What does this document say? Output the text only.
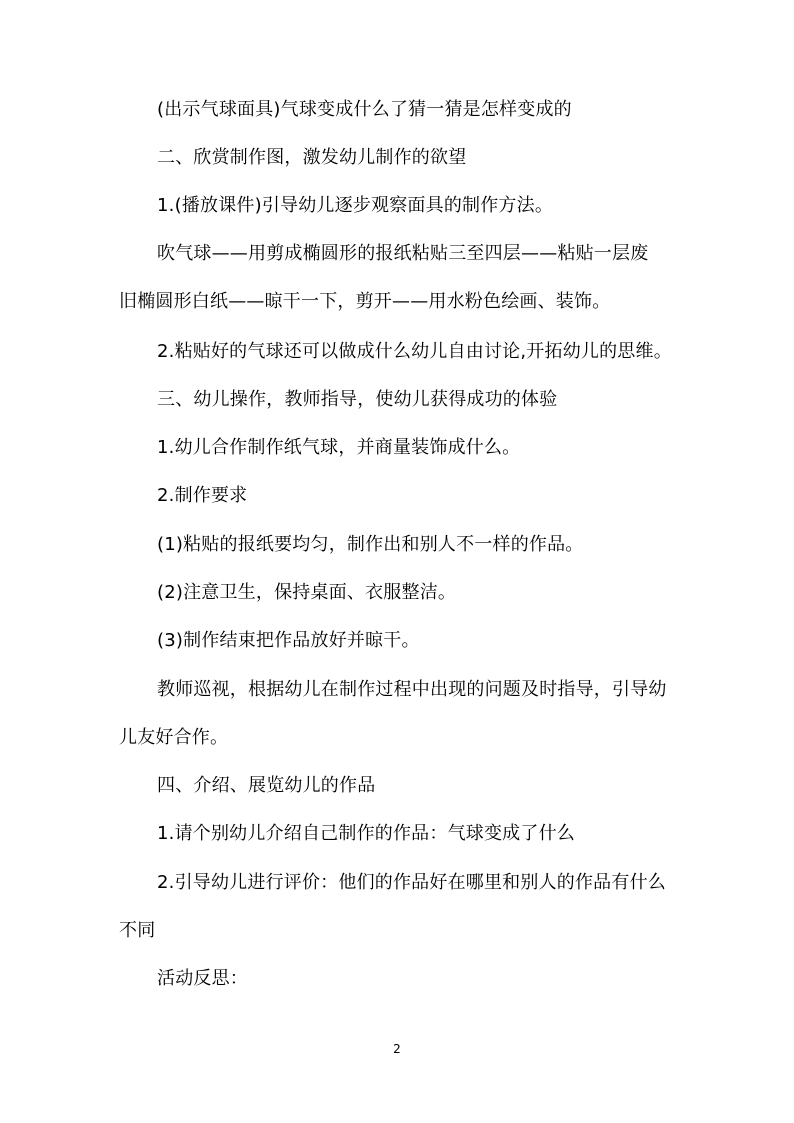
(出示气球面具)气球变成什么了猜一猜是怎样变成的

二、欣赏制作图，激发幼儿制作的欲望

1.(播放课件)引导幼儿逐步观察面具的制作方法。

吹气球——用剪成椭圆形的报纸粘贴三至四层——粘贴一层废

旧椭圆形白纸——晾干一下，剪开——用水粉色绘画、装饰。

2.粘贴好的气球还可以做成什么幼儿自由讨论,开拓幼儿的思维。

三、幼儿操作，教师指导，使幼儿获得成功的体验

1.幼儿合作制作纸气球，并商量装饰成什么。

2.制作要求

(1)粘贴的报纸要均匀，制作出和别人不一样的作品。

(2)注意卫生，保持桌面、衣服整洁。

(3)制作结束把作品放好并晾干。

教师巡视，根据幼儿在制作过程中出现的问题及时指导，引导幼

儿友好合作。

四、介绍、展览幼儿的作品

1.请个别幼儿介绍自己制作的作品：气球变成了什么

2.引导幼儿进行评价：他们的作品好在哪里和别人的作品有什么

不同

活动反思：

2
